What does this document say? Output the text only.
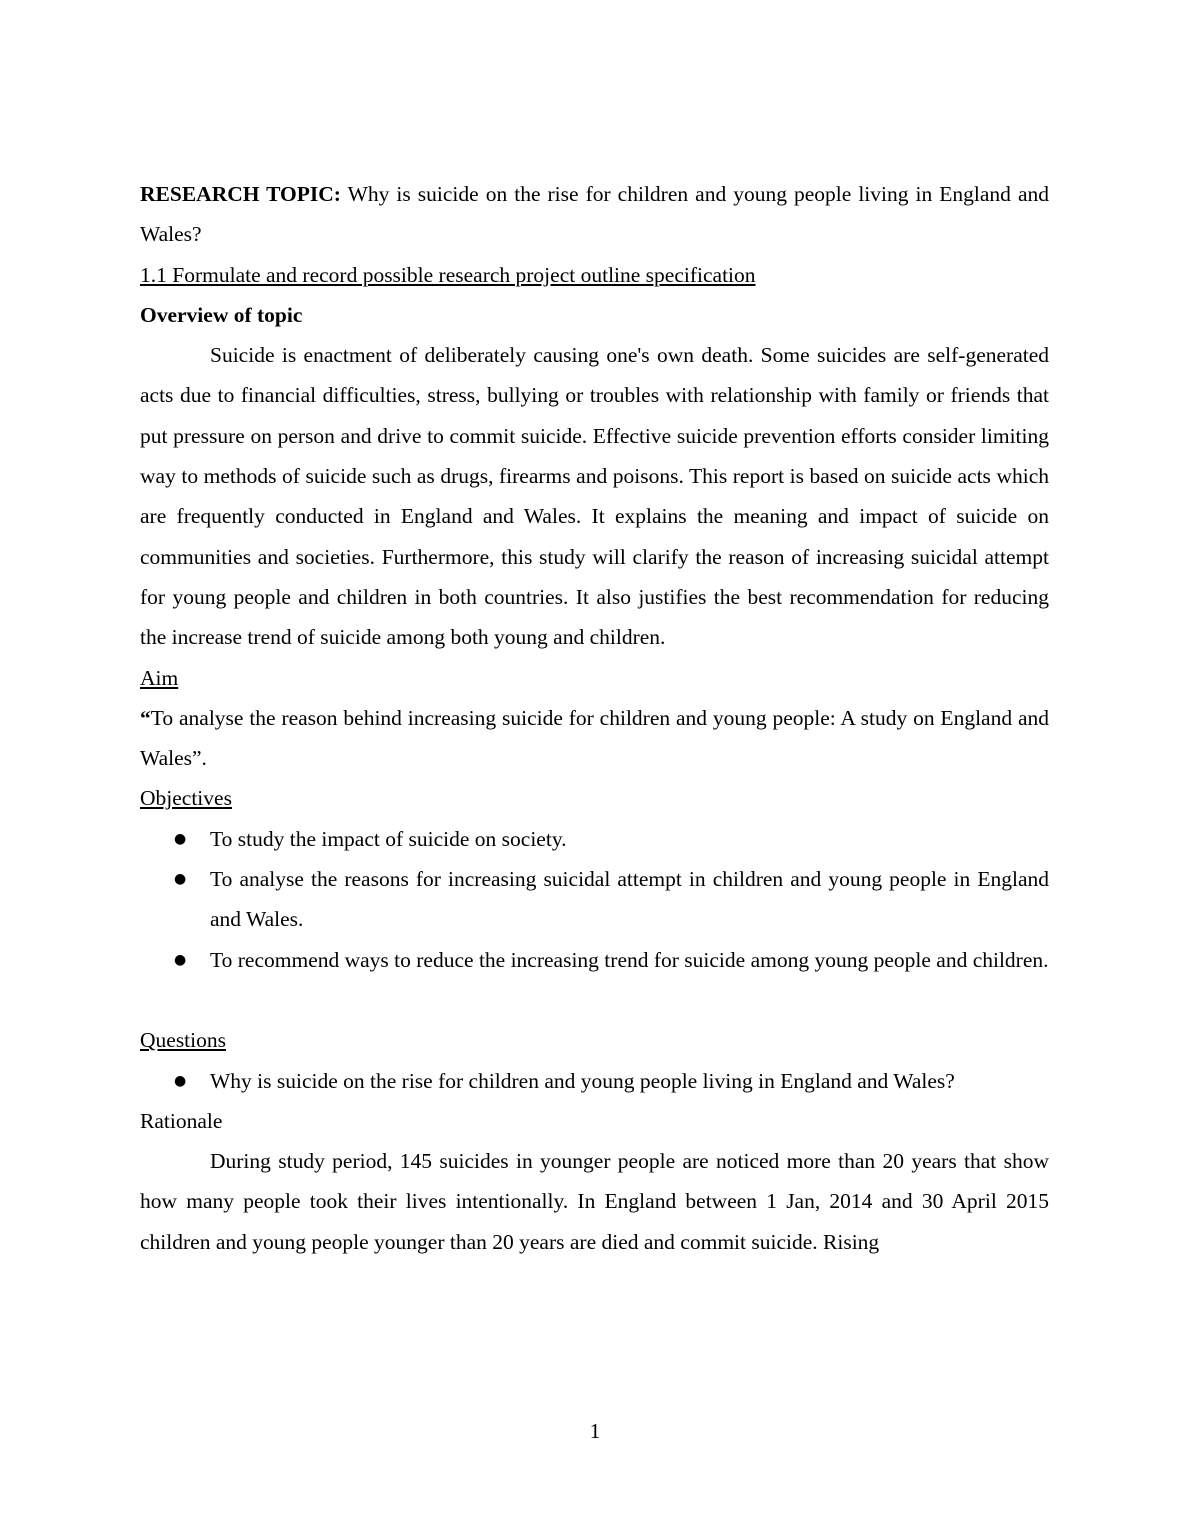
RESEARCH TOPIC: Why is suicide on the rise for children and young people living in England and Wales?

1.1 Formulate and record possible research project outline specification

Overview of topic

Suicide is enactment of deliberately causing one's own death. Some suicides are self-generated acts due to financial difficulties, stress, bullying or troubles with relationship with family or friends that put pressure on person and drive to commit suicide. Effective suicide prevention efforts consider limiting way to methods of suicide such as drugs, firearms and poisons. This report is based on suicide acts which are frequently conducted in England and Wales. It explains the meaning and impact of suicide on communities and societies. Furthermore, this study will clarify the reason of increasing suicidal attempt for young people and children in both countries. It also justifies the best recommendation for reducing the increase trend of suicide among both young and children.

Aim

“To analyse the reason behind increasing suicide for children and young people: A study on England and Wales”.

Objectives

● To study the impact of suicide on society.
● To analyse the reasons for increasing suicidal attempt in children and young people in England and Wales.
● To recommend ways to reduce the increasing trend for suicide among young people and children.

Questions

● Why is suicide on the rise for children and young people living in England and Wales?

Rationale

During study period, 145 suicides in younger people are noticed more than 20 years that show how many people took their lives intentionally. In England between 1 Jan, 2014 and 30 April 2015 children and young people younger than 20 years are died and commit suicide. Rising

1
